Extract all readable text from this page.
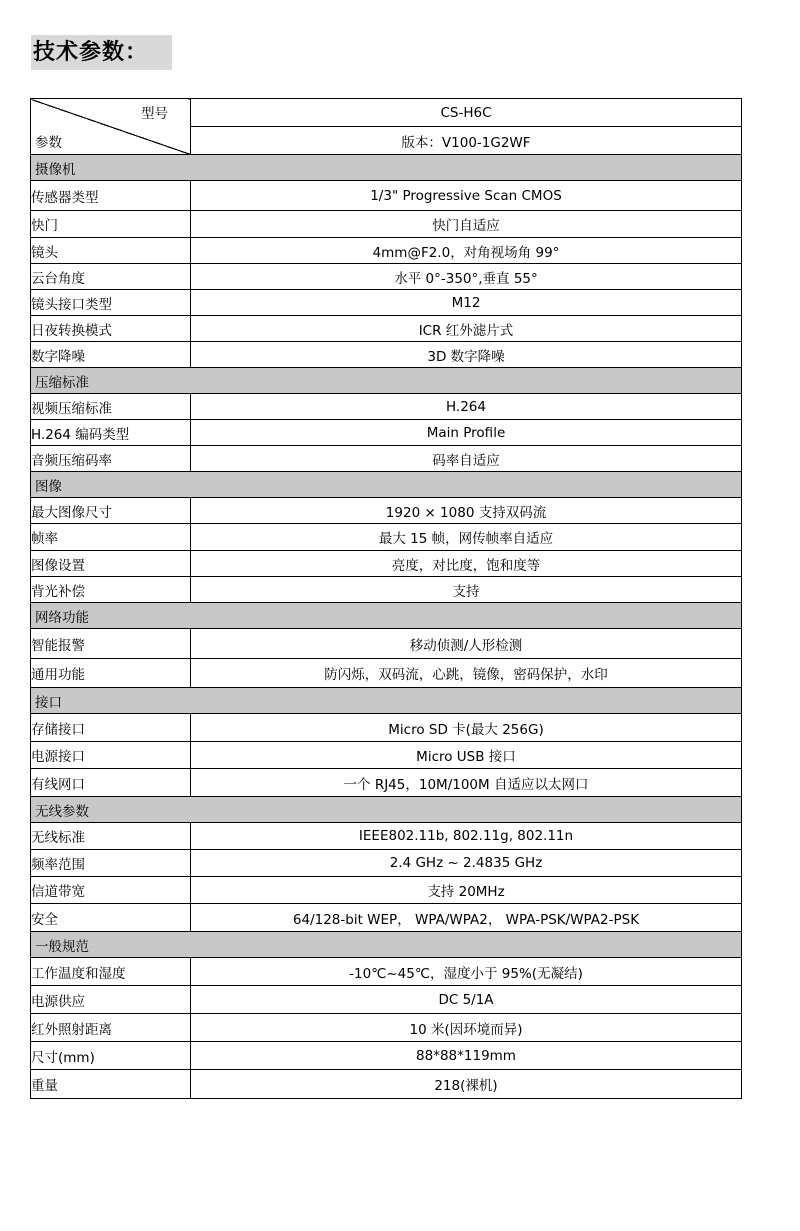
技术参数：
型号
参数	CS-H6C
	版本：V100-1G2WF
摄像机	
传感器类型	1/3" Progressive Scan CMOS
快门	快门自适应
镜头	4mm@F2.0，对角视场角 99°
云台角度	水平 0°-350°,垂直 55°
镜头接口类型	M12
日夜转换模式	ICR 红外滤片式
数字降噪	3D 数字降噪
压缩标准	
视频压缩标准	H.264
H.264 编码类型	Main Profile
音频压缩码率	码率自适应
图像	
最大图像尺寸	1920 × 1080 支持双码流
帧率	最大 15 帧，网传帧率自适应
图像设置	亮度，对比度，饱和度等
背光补偿	支持
网络功能	
智能报警	移动侦测/人形检测
通用功能	防闪烁，双码流，心跳，镜像，密码保护，水印
接口	
存储接口	Micro SD 卡(最大 256G)
电源接口	Micro USB 接口
有线网口	一个 RJ45，10M/100M 自适应以太网口
无线参数	
无线标准	IEEE802.11b, 802.11g, 802.11n
频率范围	2.4 GHz ~ 2.4835 GHz
信道带宽	支持 20MHz
安全	64/128-bit WEP， WPA/WPA2， WPA-PSK/WPA2-PSK
一般规范	
工作温度和湿度	-10℃~45℃，湿度小于 95%(无凝结)
电源供应	DC 5/1A
红外照射距离	10 米(因环境而异)
尺寸(mm)	88*88*119mm
重量	218(裸机)
